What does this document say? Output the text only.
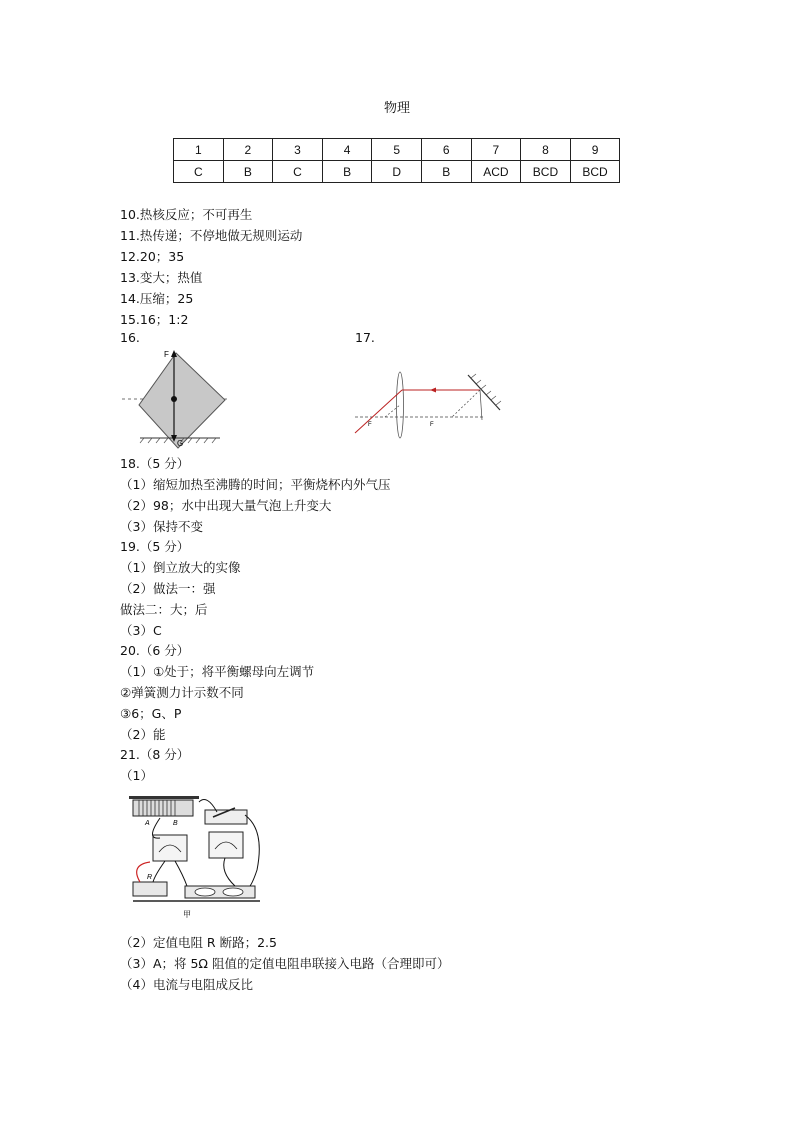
物理
1	2	3	4	5	6	7	8	9
C	B	C	B	D	B	ACD	BCD	BCD
10.热核反应；不可再生
11.热传递；不停地做无规则运动
12.20；35
13.变大；热值
14.压缩；25
15.16；1:2
16.	17.
F
G
F	F
18.（5 分）
（1）缩短加热至沸腾的时间；平衡烧杯内外气压
（2）98；水中出现大量气泡上升变大
（3）保持不变
19.（5 分）
（1）倒立放大的实像
（2）做法一：强
做法二：大；后
（3）C
20.（6 分）
（1）①处于；将平衡螺母向左调节
②弹簧测力计示数不同
③6；G、P
（2）能
21.（8 分）
（1）
A	B
R
甲
（2）定值电阻 R 断路；2.5
（3）A；将 5Ω 阻值的定值电阻串联接入电路（合理即可）
（4）电流与电阻成反比
